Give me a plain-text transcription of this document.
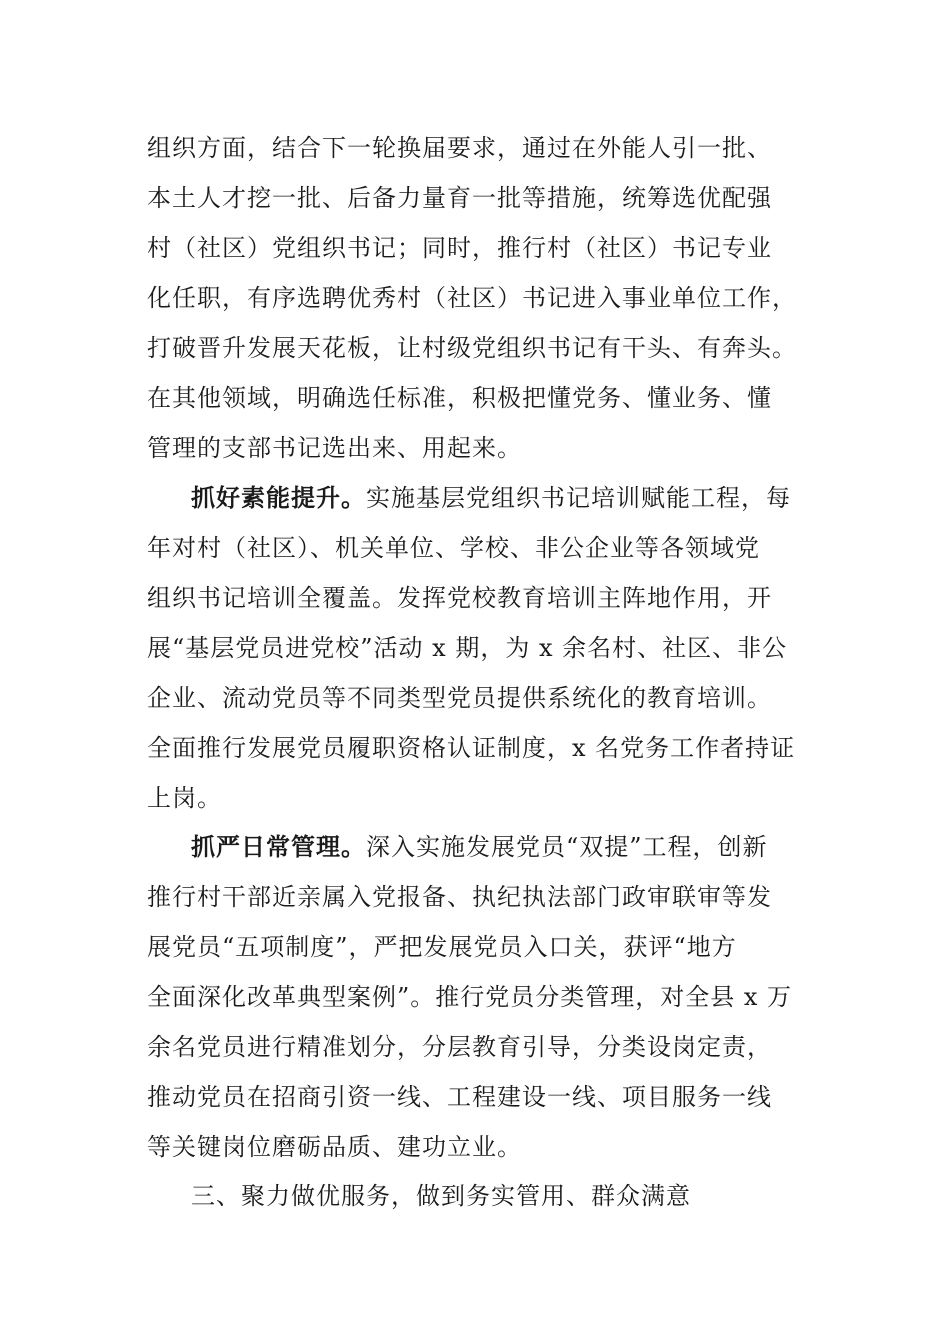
组织方面，结合下一轮换届要求，通过在外能人引一批、
本土人才挖一批、后备力量育一批等措施，统筹选优配强
村（社区）党组织书记；同时，推行村（社区）书记专业
化任职，有序选聘优秀村（社区）书记进入事业单位工作，
打破晋升发展天花板，让村级党组织书记有干头、有奔头。
在其他领域，明确选任标准，积极把懂党务、懂业务、懂
管理的支部书记选出来、用起来。
抓好素能提升。实施基层党组织书记培训赋能工程，每
年对村（社区）、机关单位、学校、非公企业等各领域党
组织书记培训全覆盖。发挥党校教育培训主阵地作用，开
展“基层党员进党校”活动 x 期，为 x 余名村、社区、非公
企业、流动党员等不同类型党员提供系统化的教育培训。
全面推行发展党员履职资格认证制度，x 名党务工作者持证
上岗。
抓严日常管理。深入实施发展党员“双提”工程，创新
推行村干部近亲属入党报备、执纪执法部门政审联审等发
展党员“五项制度”，严把发展党员入口关，获评“地方
全面深化改革典型案例”。推行党员分类管理，对全县 x 万
余名党员进行精准划分，分层教育引导，分类设岗定责，
推动党员在招商引资一线、工程建设一线、项目服务一线
等关键岗位磨砺品质、建功立业。
三、聚力做优服务，做到务实管用、群众满意
